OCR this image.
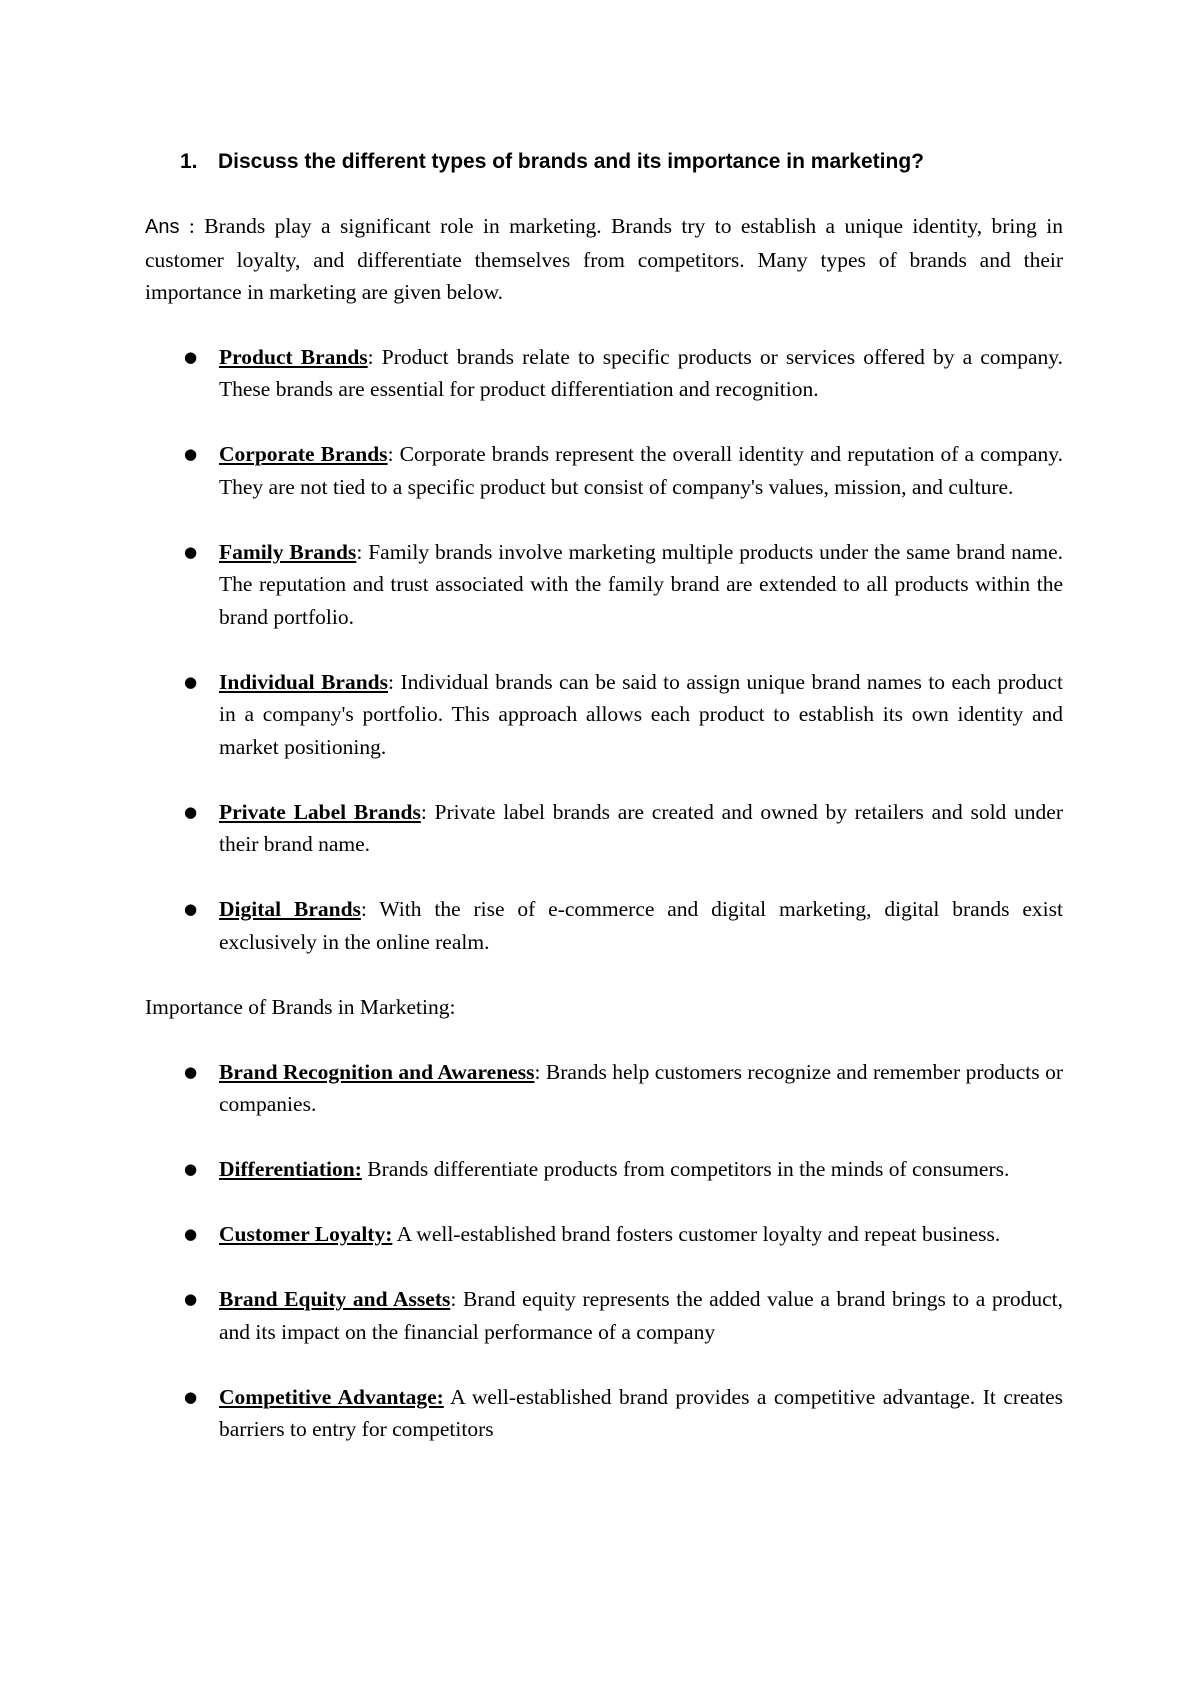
1. Discuss the different types of brands and its importance in marketing?

Ans : Brands play a significant role in marketing. Brands try to establish a unique identity, bring in customer loyalty, and differentiate themselves from competitors. Many types of brands and their importance in marketing are given below.

● Product Brands: Product brands relate to specific products or services offered by a company. These brands are essential for product differentiation and recognition.
● Corporate Brands: Corporate brands represent the overall identity and reputation of a company. They are not tied to a specific product but consist of company's values, mission, and culture.
● Family Brands: Family brands involve marketing multiple products under the same brand name. The reputation and trust associated with the family brand are extended to all products within the brand portfolio.
● Individual Brands: Individual brands can be said to assign unique brand names to each product in a company's portfolio. This approach allows each product to establish its own identity and market positioning.
● Private Label Brands: Private label brands are created and owned by retailers and sold under their brand name.
● Digital Brands: With the rise of e-commerce and digital marketing, digital brands exist exclusively in the online realm.

Importance of Brands in Marketing:

● Brand Recognition and Awareness: Brands help customers recognize and remember products or companies.
● Differentiation: Brands differentiate products from competitors in the minds of consumers.
● Customer Loyalty: A well-established brand fosters customer loyalty and repeat business.
● Brand Equity and Assets: Brand equity represents the added value a brand brings to a product, and its impact on the financial performance of a company
● Competitive Advantage: A well-established brand provides a competitive advantage. It creates barriers to entry for competitors
